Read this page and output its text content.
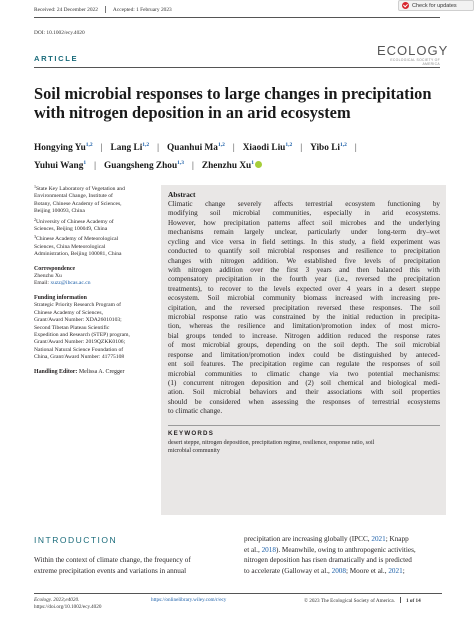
Received: 24 December 2022	Accepted: 1 February 2023
DOI: 10.1002/ecy.4020
Check for updates
ARTICLE
ECOLOGY
ECOLOGICAL SOCIETY OF AMERICA
Soil microbial responses to large changes in precipitation
with nitrogen deposition in an arid ecosystem
Hongying Yu$^{1,2}$ | Lang Li$^{1,2}$ | Quanhui Ma$^{1,2}$ | Xiaodi Liu$^{1,2}$ | Yibo Li$^{1,2}$ |
Yuhui Wang$^1$ | Guangsheng Zhou$^{1,3}$ | Zhenzhu Xu$^1$
$^1$State Key Laboratory of Vegetation and
Environmental Change, Institute of
Botany, Chinese Academy of Sciences,
Beijing 100093, China
$^2$University of Chinese Academy of
Sciences, Beijing 100049, China
$^3$Chinese Academy of Meteorological
Sciences, China Meteorological
Administration, Beijing 100081, China
Correspondence
Zhenzhu Xu
Email: xuzz@ibcas.ac.cn
Funding information
Strategic Priority Research Program of
Chinese Academy of Sciences,
Grant/Award Number: XDA26010103;
Second Tibetan Plateau Scientific
Expedition and Research (STEP) program,
Grant/Award Number: 2019QZKK0106;
National Natural Science Foundation of
China, Grant/Award Number: 41775108
Handling Editor: Melissa A. Cregger
Abstract
Climatic change severely affects terrestrial ecosystem functioning by
modifying soil microbial communities, especially in arid ecosystems.
However, how precipitation patterns affect soil microbes and the underlying
mechanisms remain largely unclear, particularly under long-term dry–wet
cycling and vice versa in field settings. In this study, a field experiment was
conducted to quantify soil microbial responses and resilience to precipitation
changes with nitrogen addition. We established five levels of precipitation
with nitrogen addition over the first 3 years and then balanced this with
compensatory precipitation in the fourth year (i.e., reversed the precipitation
treatments), to recover to the levels expected over 4 years in a desert steppe
ecosystem. Soil microbial community biomass increased with increasing pre-
cipitation, and the reversed precipitation reversed these responses. The soil
microbial response ratio was constrained by the initial reduction in precipita-
tion, whereas the resilience and limitation/promotion index of most micro-
bial groups tended to increase. Nitrogen addition reduced the response rates
of most microbial groups, depending on the soil depth. The soil microbial
response and limitation/promotion index could be distinguished by anteced-
ent soil features. The precipitation regime can regulate the responses of soil
microbial communities to climatic change via two potential mechanisms:
(1) concurrent nitrogen deposition and (2) soil chemical and biological medi-
ation. Soil microbial behaviors and their associations with soil properties
should be considered when assessing the responses of terrestrial ecosystems
to climatic change.
KEYWORDS
desert steppe, nitrogen deposition, precipitation regime, resilience, response ratio, soil
microbial community
INTRODUCTION
Within the context of climate change, the frequency of
extreme precipitation events and variations in annual
precipitation are increasing globally (IPCC, 2021; Knapp
et al., 2018). Meanwhile, owing to anthropogenic activities,
nitrogen deposition has risen dramatically and is predicted
to accelerate (Galloway et al., 2008; Moore et al., 2021;
Ecology. 2023;e4020.
https://doi.org/10.1002/ecy.4020
https://onlinelibrary.wiley.com/r/ecy	© 2023 The Ecological Society of America. 1 of 14
